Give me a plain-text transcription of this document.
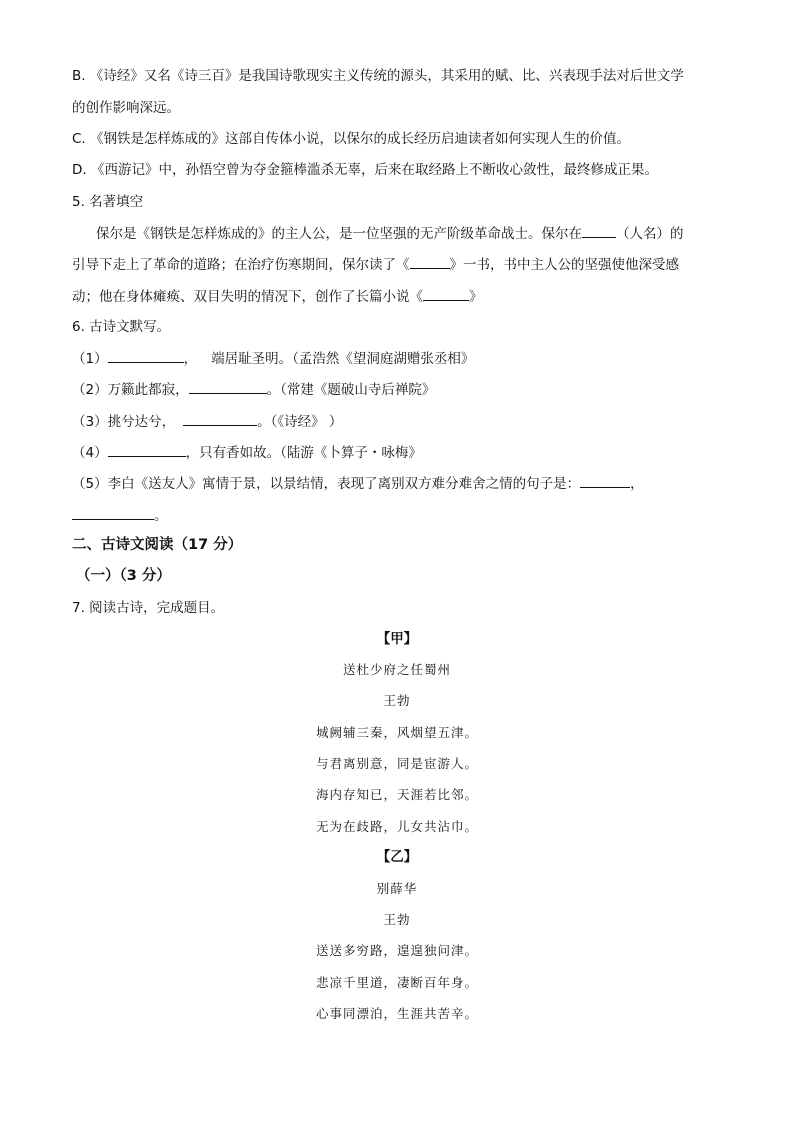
B. 《诗经》又名《诗三百》是我国诗歌现实主义传统的源头，其采用的赋、比、兴表现手法对后世文学
的创作影响深远。
C. 《钢铁是怎样炼成的》这部自传体小说，以保尔的成长经历启迪读者如何实现人生的价值。
D. 《西游记》中，孙悟空曾为夺金箍棒滥杀无辜，后来在取经路上不断收心敛性，最终修成正果。
5. 名著填空
保尔是《钢铁是怎样炼成的》的主人公，是一位坚强的无产阶级革命战士。保尔在	（人名）的
引导下走上了革命的道路；在治疗伤寒期间，保尔读了《	》一书，书中主人公的坚强使他深受感
动；他在身体瘫痪、双目失明的情况下，创作了长篇小说《	》
6. 古诗文默写。
（1）	， 端居耻圣明。（孟浩然《望洞庭湖赠张丞相》
（2）万籁此都寂，	。（常建《题破山寺后禅院》
（3）挑兮达兮，	。（《诗经》 ）
（4）	，只有香如故。（陆游《卜算子・咏梅》
（5）李白《送友人》寓情于景，以景结情，表现了离别双方难分难舍之情的句子是：	，
。
二、古诗文阅读（17 分）
（一）（3 分）
7. 阅读古诗，完成题目。
【甲】
送杜少府之任蜀州
王勃
城阙辅三秦，风烟望五津。
与君离别意，同是宦游人。
海内存知已，天涯若比邻。
无为在歧路，儿女共沾巾。
【乙】
别薛华
王勃
送送多穷路，遑遑独问津。
悲凉千里道，凄断百年身。
心事同漂泊，生涯共苦辛。
